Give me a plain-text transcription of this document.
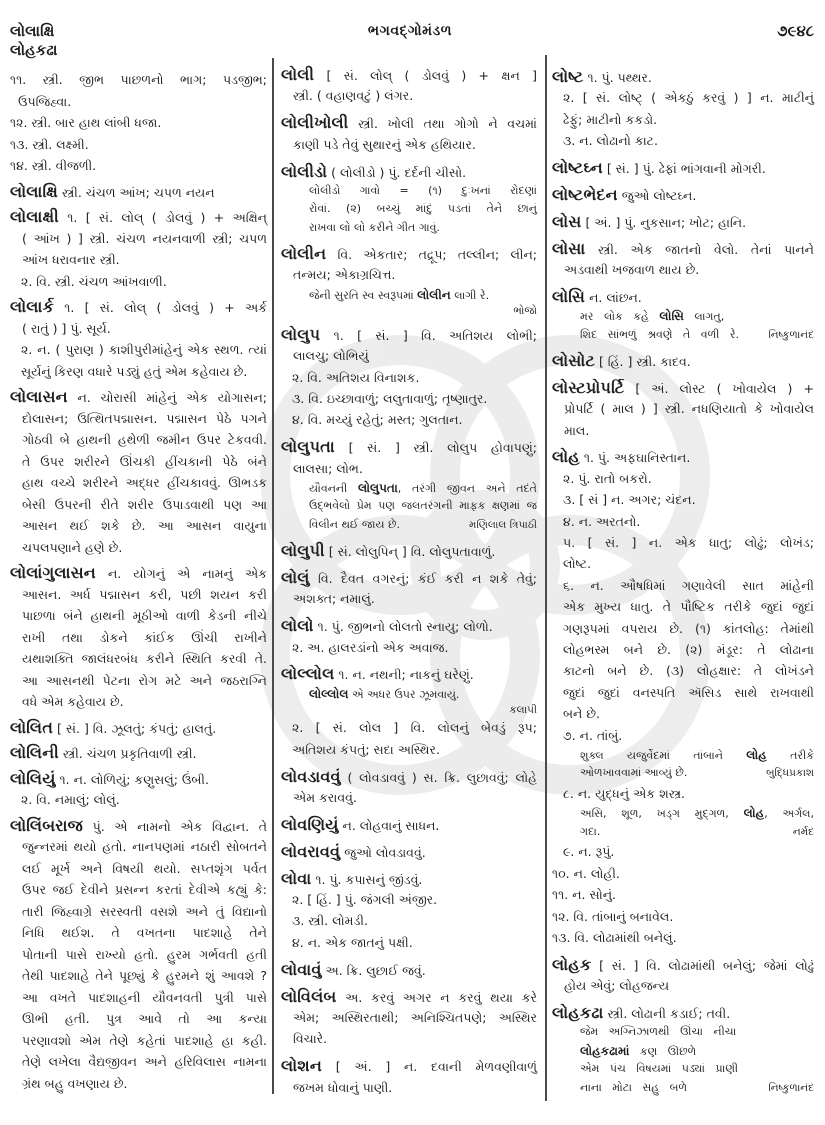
લોલાક્ષિ
લોહકઢા
ભગવદ્ગોમંડળ	૭૯૪૮
૧૧. સ્ત્રી. જીભ પાછળનો ભાગ; પડજીભ;
ઉપજિહ્વા.
૧૨. સ્ત્રી. બાર હાથ લાંબી ધજા.
૧૩. સ્ત્રી. લક્ષ્મી.
૧૪. સ્ત્રી. વીજળી.
લોલાક્ષિ સ્ત્રી. ચંચળ આંખ; ચપળ નયન
લોલાક્ષી ૧. [ સં. લોલ્ ( ડોલવું ) + અક્ષિન્
( આંખ ) ] સ્ત્રી. ચંચળ નયનવાળી સ્ત્રી; ચપળ
આંખ ધરાવનાર સ્ત્રી.
૨. વિ. સ્ત્રી. ચંચળ આંખવાળી.
લોલાર્ક ૧. [ સં. લોલ્ ( ડોલવું ) + અર્ક
( રાતું ) ] પું. સૂર્ય.
૨. ન. ( પુરાણ ) કાશીપુરીમાંહેનું એક સ્થળ. ત્યાં
સૂર્યનું કિરણ વધારે પડ્યું હતું એમ કહેવાય છે.
લોલાસન ન. ચોરાસી માંહેનું એક યોગાસન;
દોલાસન; ઉત્થિતપદ્માસન. પદ્માસન પેઠે પગને
ગોઠવી બે હાથની હથેળી જમીન ઉપર ટેકવવી.
તે ઉપર શરીરને ઊંચકી હીંચકાની પેઠે બંને
હાથ વચ્ચે શરીરને અદ્ધર હીંચકાવવું. ઊભડક
બેસી ઉપરની રીતે શરીર ઉપાડવાથી પણ આ
આસન થઈ શકે છે. આ આસન વાયુના
ચપલપણાને હણે છે.
લોલાંગુલાસન ન. યોગનું એ નામનું એક
આસન. અર્ધ પદ્માસન કરી, પછી શયન કરી
પાછળા બંને હાથની મૂઠીઓ વાળી કેડની નીચે
રાખી તથા ડોકને કાંઈક ઊંચી રાખીને
યથાશક્તિ જાલંધરબંધ કરીને સ્થિતિ કરવી તે.
આ આસનથી પેટના રોગ મટે અને જઠરાગ્નિ
વધે એમ કહેવાય છે.
લોલિત [ સં. ] વિ. ઝૂલતું; કંપતું; હાલતું.
લોલિની સ્ત્રી. ચંચળ પ્રકૃતિવાળી સ્ત્રી.
લોલિયું ૧. ન. લોળિયું; કણુસલું; ઉંબી.
૨. વિ. નમાલું; લોલું.
લોલિંબરાજ પું. એ નામનો એક વિદ્વાન. તે
જુન્નરમાં થયો હતો. નાનપણમાં નઠારી સોબતને
લઈ મૂર્ખ અને વિષયી થયો. સપ્તશૃંગ પર્વત
ઉપર જઈ દેવીને પ્રસન્ન કરતાં દેવીએ કહ્યું કે:
તારી જિહ્વાગ્રે સરસ્વતી વસશે અને તું વિદ્યાનો
નિધિ થઈશ. તે વખતના પાદશાહે તેને
પોતાની પાસે રાખ્યો હતો. હુરમ ગર્ભવતી હતી
તેથી પાદશાહે તેને પૂછ્યું કે હુરમને શું આવશે ?
આ વખતે પાદશાહની યૌવનવતી પુત્રી પાસે
ઊભી હતી. પુત્ર આવે તો આ કન્યા
પરણાવશો એમ તેણે કહેતાં પાદશાહે હા કહી.
તેણે લખેલા વૈદ્યજીવન અને હરિવિલાસ નામના
ગ્રંથ બહુ વખણાય છે.
લોલી [ સં. લોલ્ ( ડોલવું ) + ક્ષન ]
સ્ત્રી. ( વહાણવટું ) લંગર.
લોલીખોલી સ્ત્રી. ખોલી તથા ગોગો ને વચમાં
કાણી પડે તેવું સુથારનું એક હથિયાર.
લોલીડો ( લોલીડો ) પું. દર્દની ચીસો.
લોલીડો ગાવો = (૧) દુઃખનાં રોદણાં
રોવાં. (૨) બચ્ચું માંદું પડતાં તેને છાનું
રાખવા લો લો કરીને ગીત ગાવું.
લોલીન વિ. એકતાર; તદ્રૂપ; તલ્લીન; લીન;
તન્મય; એકાગ્રચિત્ત.
જેની સુરતિ સ્વ સ્વરૂપમાં લોલીન લાગી રે.
ભોજો
લોલુપ ૧. [ સં. ] વિ. અતિશય લોભી;
લાલચુ; લોભિયું
૨. વિ. અતિશય વિનાશક.
૩. વિ. ઇચ્છાવાળું; લલુતાવાળું; તૃષ્ણાતુર.
૪. વિ. મચ્યું રહેતું; મસ્ત; ગુલતાન.
લોલુપતા [ સં. ] સ્ત્રી. લોલુપ હોવાપણું;
લાલસા; લોભ.
યૌવનની લોલુપતા, તરંગી જીવન અને તદંતે
ઉદ્ભવેલો પ્રેમ પણ જલતરંગની માફક ક્ષણમાં જ
મણિલાલ ત્રિપાઠી
વિલીન થઈ જાય છે.
લોલુપી [ સં. લોલુપિન્ ] વિ. લોલુપતાવાળું.
લોલું વિ. દૈવત વગરનું; કંઈ કરી ન શકે તેવું;
અશક્ત; નમાલું.
લોલો ૧. પું. જીભનો લોલતો સ્નાયુ; લોળો.
૨. અ. હાલરડાંનો એક અવાજ.
લોલ્લોલ ૧. ન. નથની; નાકનું ઘરેણું.
લોલ્લોલ એ અધર ઉપર ઝૂમવાયું.
કલાપી
૨. [ સં. લોલ ] વિ. લોલનું બેવડું રૂપ;
અતિશય કંપતું; સદા અસ્થિર.
લોવડાવવું ( લોવડાવવું ) સ. ક્રિ. લુછાવવું; લોહે
એમ કરાવવું.
લોવણિયું ન. લોહવાનું સાધન.
લોવરાવવું જુઓ લોવડાવવું.
લોવા ૧. પું. કપાસનું જીંડવું.
૨. [ હિં. ] પું. જંગલી અંજીર.
૩. સ્ત્રી. લોમડી.
૪. ન. એક જાતનું પક્ષી.
લોવાવું અ. ક્રિ. લુછાઈ જવું.
લોવિલંબ અ. કરવું અગર ન કરવું થયા કરે
એમ; અસ્થિરતાથી; અનિશ્ચિતપણે; અસ્થિર
વિચારે.
લોશન [ અં. ] ન. દવાની મેળવણીવાળું
જખમ ધોવાનું પાણી.
લોષ્ટ ૧. પું. પથ્થર.
૨. [ સં. લોષ્ટ્ ( એકઠું કરવું ) ] ન. માટીનું
ઢેફું; માટીનો કકડો.
૩. ન. લોઢાનો કાટ.
લોષ્ટઘ્ન [ સં. ] પું. ઢેફાં ભાંગવાની મોગરી.
લોષ્ટભેદન જુઓ લોષ્ટઘ્ન.
લોસ [ અં. ] પું. નુકસાન; ખોટ; હાનિ.
લોસા સ્ત્રી. એક જાતનો વેલો. તેનાં પાનને
અડવાથી ખજવાળ થાય છે.
લોસિ ન. લાંછન.
મર લોક કહે લોસિ લાગતુ,
નિષ્કુળાનંદ
શિદ સાંભળું શ્રવણે તે વળી રે.
લોસોટ [ હિં. ] સ્ત્રી. કાદવ.
લોસ્ટપ્રોપર્ટિ [ અં. લોસ્ટ ( ખોવાયેલ ) +
પ્રોપર્ટિ ( માલ ) ] સ્ત્રી. નધણિયાતો કે ખોવાયેલ
માલ.
લોહ ૧. પું. અફઘાનિસ્તાન.
૨. પું. રાતો બકરો.
૩. [ સં ] ન. અગર; ચંદન.
૪. ન. અરતનો.
૫. [ સં. ] ન. એક ધાતુ; લોઢું; લોખંડ;
લોષ્ટ.
૬. ન. ઔષધિમાં ગણાવેલી સાત માંહેની
એક મુખ્ય ધાતુ. તે પૌષ્ટિક તરીકે જુદાં જુદાં
ગણરૂપમાં વપરાય છે. (૧) કાંતલોહ: તેમાંથી
લોહભસ્મ બને છે. (૨) મંડૂર: તે લોઢાના
કાટનો બને છે. (૩) લોહક્ષાર: તે લોખંડને
જુદાં જુદાં વનસ્પતિ ઍસિડ સાથે રાખવાથી
બને છે.
૭. ન. તાંબું.
શુક્લ યજુર્વેદમાં તાંબાને લોહ તરીકે
બુદ્ધિપ્રકાશ
ઓળખાવવામાં આવ્યું છે.
૮. ન. યુદ્ધનું એક શસ્ત્ર.
અસિ, શૂળ, ખડ્ગ મુદ્ગળ, લોહ, અર્ગલ,
નર્મદ
ગદા.
૯. ન. રૂપું.
૧૦. ન. લોહી.
૧૧. ન. સોનું.
૧૨. વિ. તાંબાનું બનાવેલ.
૧૩. વિ. લોઢામાંથી બનેલું.
લોહક [ સં. ] વિ. લોઢામાંથી બનેલું; જેમાં લોઢું
હોય એવું; લોહજન્ય
લોહકઢા સ્ત્રી. લોઢાની કડાઈ; તવી.
જેમ અગ્નિઝાળથી ઊંચા નીચા
લોહકઢામાં કણ ઊછળે
એમ પંચ વિષયમાં પડ્યાં પ્રાણી
નિષ્કુળાનંદ
નાના મોટા સહુ બળે
